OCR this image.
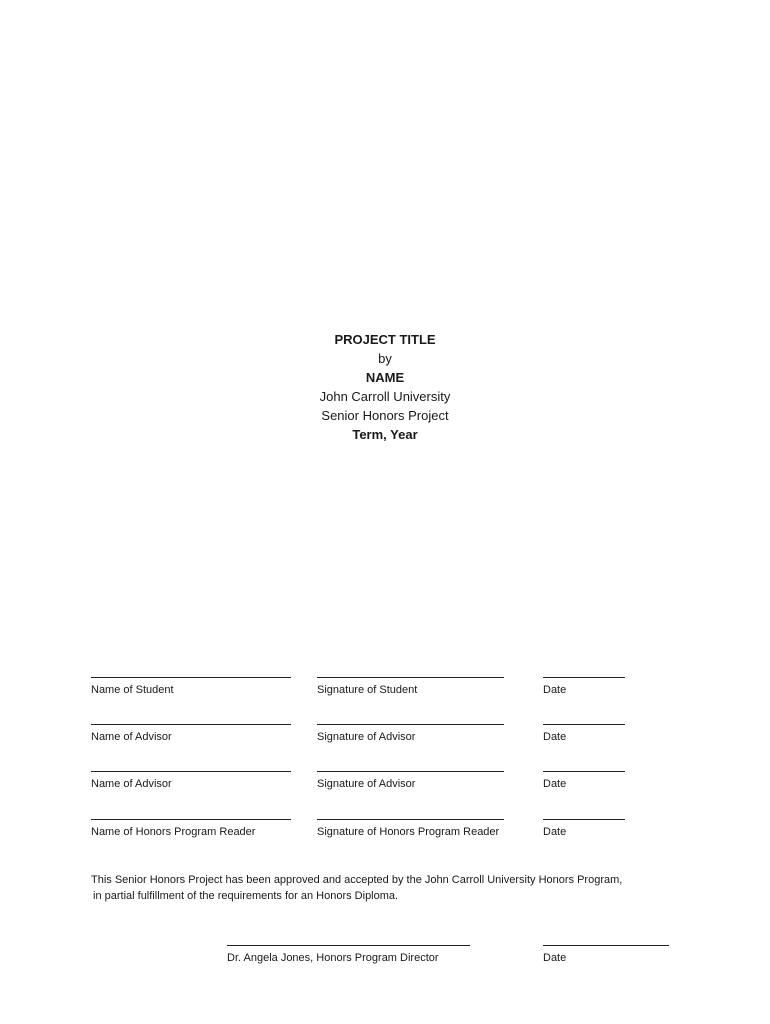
PROJECT TITLE
by
NAME
John Carroll University
Senior Honors Project
Term, Year
Name of Student	Signature of Student	Date
Name of Advisor	Signature of Advisor	Date
Name of Advisor	Signature of Advisor	Date
Name of Honors Program Reader	Signature of Honors Program Reader	Date
This Senior Honors Project has been approved and accepted by the John Carroll University Honors Program,
in partial fulfillment of the requirements for an Honors Diploma.
Dr. Angela Jones, Honors Program Director	Date
